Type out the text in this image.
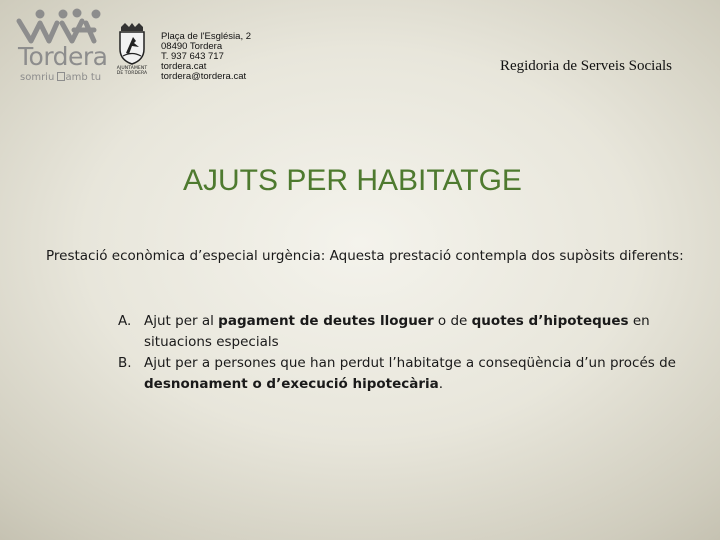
Tordera
somriu amb tu
AJUNTAMENT
DE TORDERA
Plaça de l'Església, 2
08490 Tordera
T. 937 643 717
tordera.cat
tordera@tordera.cat
Regidoria de Serveis Socials
AJUTS PER HABITATGE
Prestació econòmica d’especial urgència: Aquesta prestació contempla dos supòsits diferents:
A. Ajut per al pagament de deutes lloguer o de quotes d’hipoteques en situacions especials
B. Ajut per a persones que han perdut l’habitatge a conseqüència d’un procés de desnonament o d’execució hipotecària.
